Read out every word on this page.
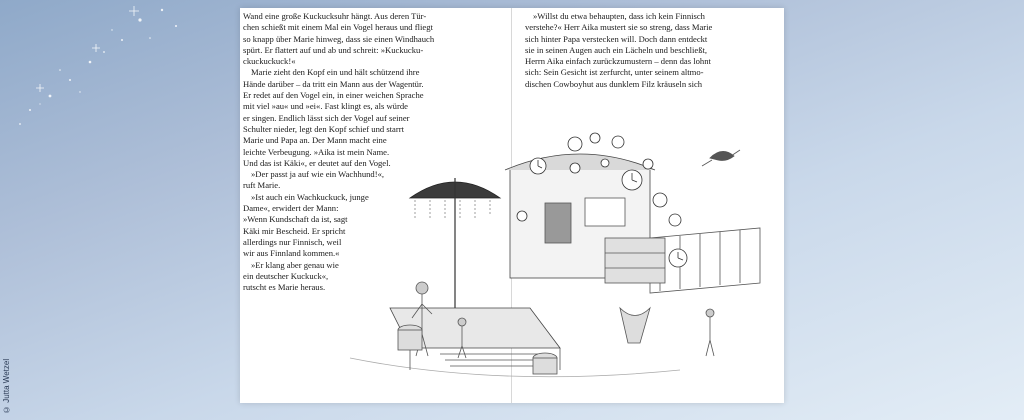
© Jutta Wetzel

Wand eine große Kuckucksuhr hängt. Aus deren Tür-

chen schießt mit einem Mal ein Vogel heraus und fliegt

so knapp über Marie hinweg, dass sie einen Windhauch

spürt. Er flattert auf und ab und schreit: »Kuckucku-

ckuckuckuck!«

Marie zieht den Kopf ein und hält schützend ihre

Hände darüber – da tritt ein Mann aus der Wagentür.

Er redet auf den Vogel ein, in einer weichen Sprache

mit viel »au« und »ei«. Fast klingt es, als würde

er singen. Endlich lässt sich der Vogel auf seiner

Schulter nieder, legt den Kopf schief und starrt

Marie und Papa an. Der Mann macht eine

leichte Verbeugung. »Aika ist mein Name.

Und das ist Käki«, er deutet auf den Vogel.

»Der passt ja auf wie ein Wachhund!«,

ruft Marie.

»Ist auch ein Wachkuckuck, junge

Dame«, erwidert der Mann:

»Wenn Kundschaft da ist, sagt

Käki mir Bescheid. Er spricht

allerdings nur Finnisch, weil

wir aus Finnland kommen.«

»Er klang aber genau wie

ein deutscher Kuckuck«,

rutscht es Marie heraus.

»Willst du etwa behaupten, dass ich kein Finnisch

verstehe?« Herr Aika mustert sie so streng, dass Marie

sich hinter Papa verstecken will. Doch dann entdeckt

sie in seinen Augen auch ein Lächeln und beschließt,

Herrn Aika einfach zurückzumustern – denn das lohnt

sich: Sein Gesicht ist zerfurcht, unter seinem altmo-

dischen Cowboyhut aus dunklem Filz kräuseln sich
